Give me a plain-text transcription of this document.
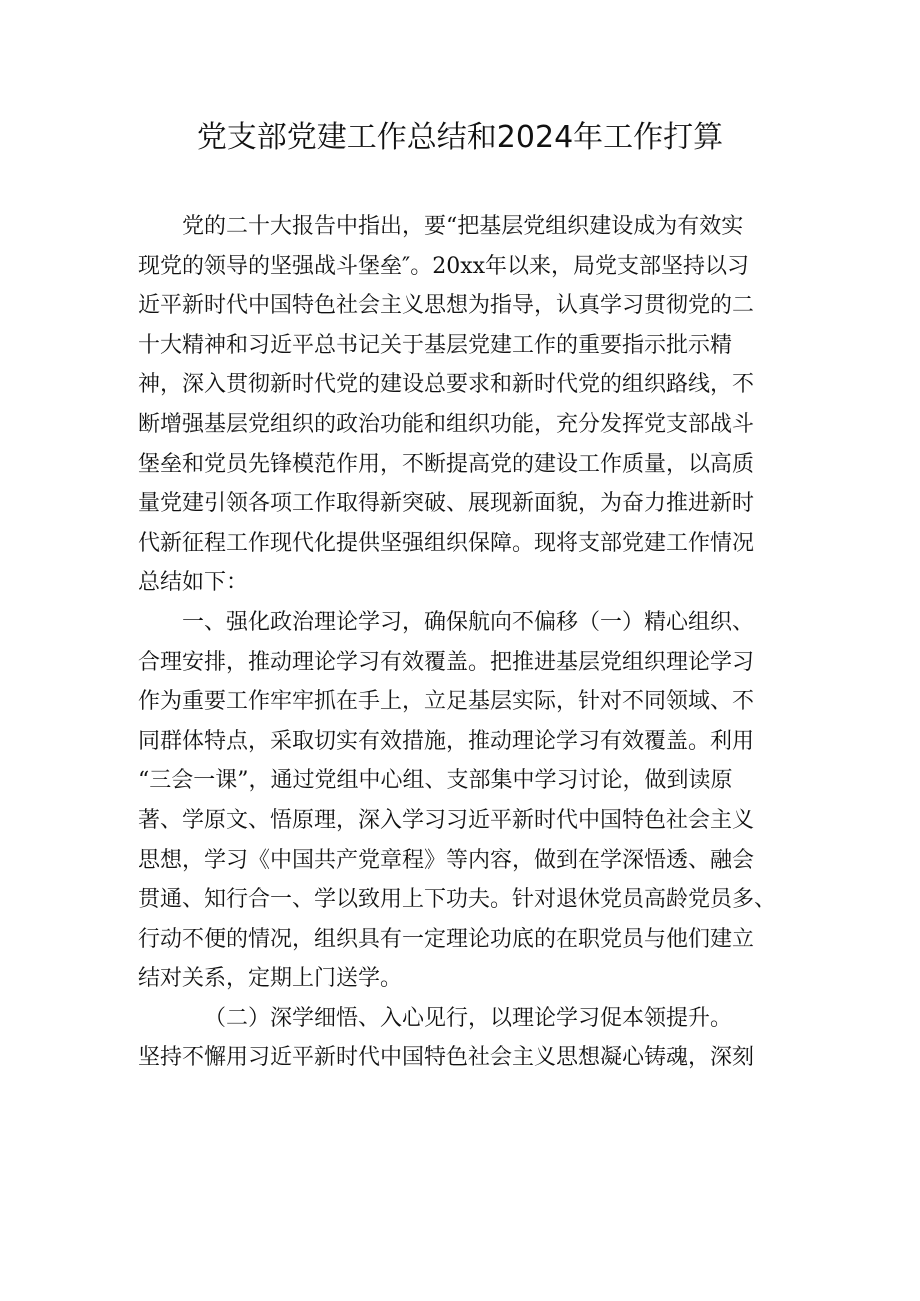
党支部党建工作总结和2024年工作打算
党的二十大报告中指出，要“把基层党组织建设成为有效实
现党的领导的坚强战斗堡垒″。20xx年以来，局党支部坚持以习
近平新时代中国特色社会主义思想为指导，认真学习贯彻党的二
十大精神和习近平总书记关于基层党建工作的重要指示批示精
神，深入贯彻新时代党的建设总要求和新时代党的组织路线，不
断增强基层党组织的政治功能和组织功能，充分发挥党支部战斗
堡垒和党员先锋模范作用，不断提高党的建设工作质量，以高质
量党建引领各项工作取得新突破、展现新面貌，为奋力推进新时
代新征程工作现代化提供坚强组织保障。现将支部党建工作情况
总结如下：
一、强化政治理论学习，确保航向不偏移（一）精心组织、
合理安排，推动理论学习有效覆盖。把推进基层党组织理论学习
作为重要工作牢牢抓在手上，立足基层实际，针对不同领域、不
同群体特点，采取切实有效措施，推动理论学习有效覆盖。利用
“三会一课”，通过党组中心组、支部集中学习讨论，做到读原
著、学原文、悟原理，深入学习习近平新时代中国特色社会主义
思想，学习《中国共产党章程》等内容，做到在学深悟透、融会
贯通、知行合一、学以致用上下功夫。针对退休党员高龄党员多、
行动不便的情况，组织具有一定理论功底的在职党员与他们建立
结对关系，定期上门送学。
（二）深学细悟、入心见行，以理论学习促本领提升。
坚持不懈用习近平新时代中国特色社会主义思想凝心铸魂，深刻
